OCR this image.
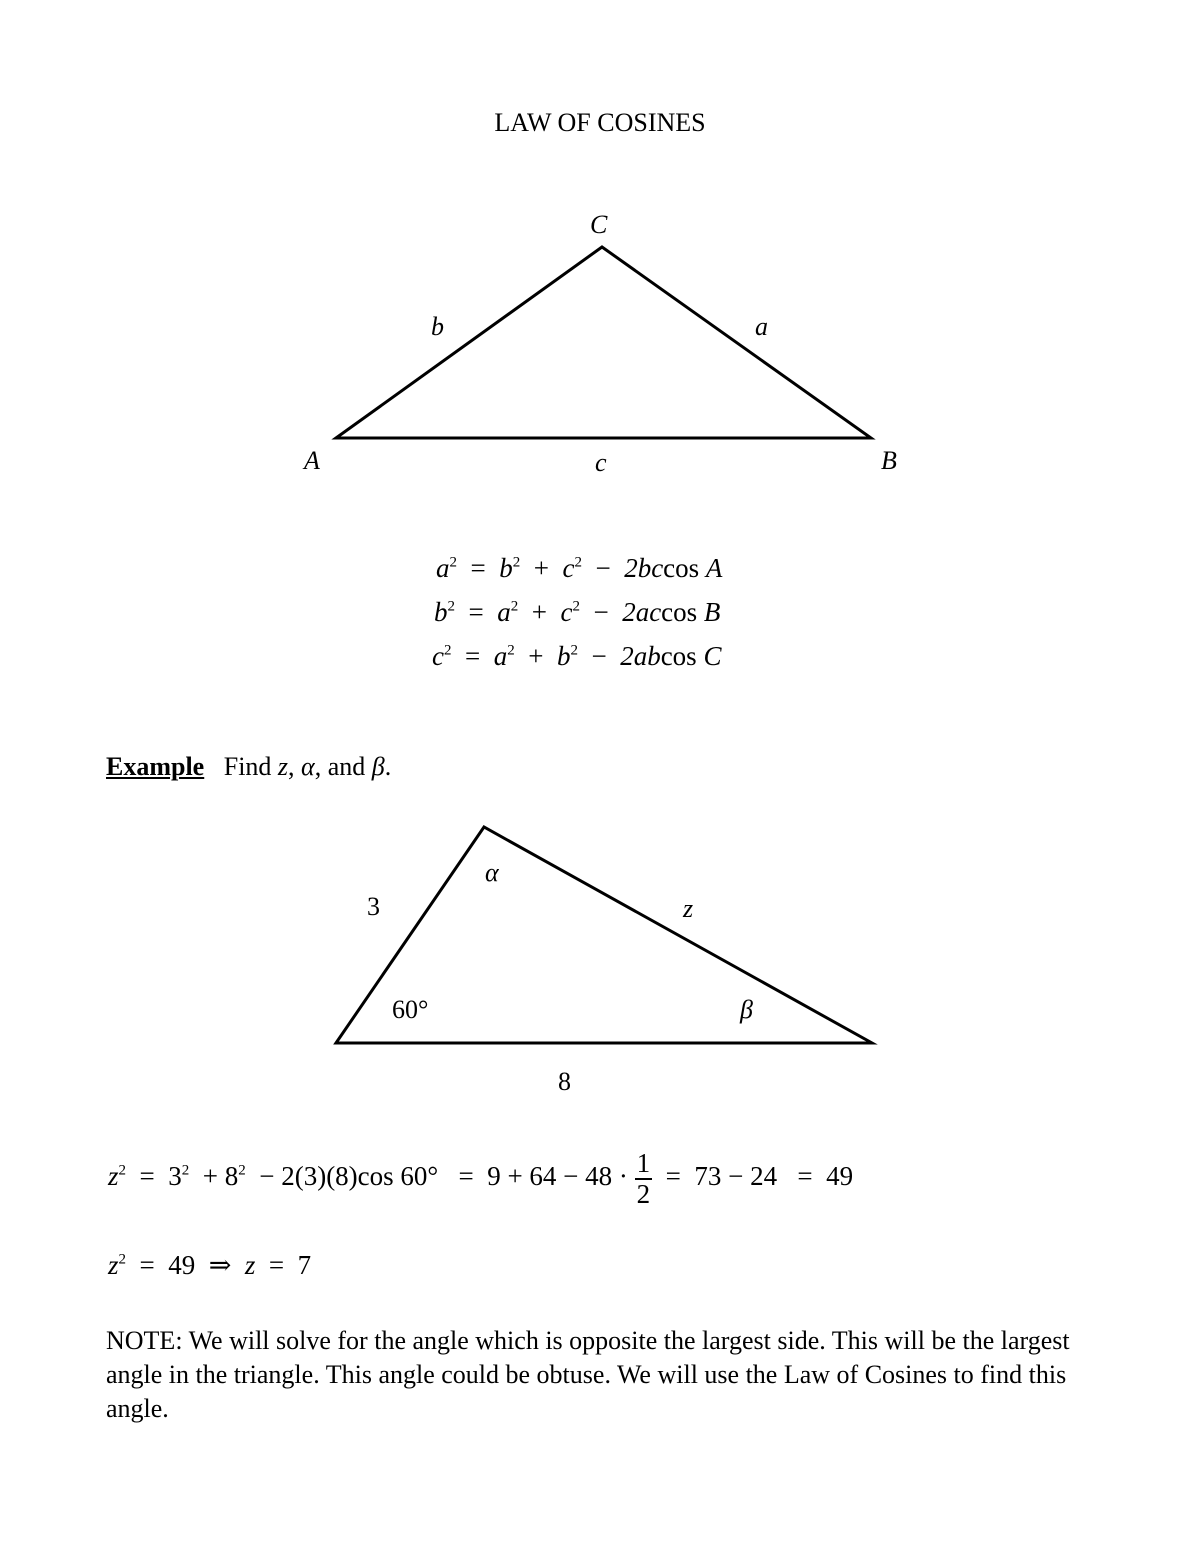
LAW OF COSINES
C
A	B
b	a
c
$a^2 = b^2 + c^2 - 2bccos$ A
$b^2 = a^2 + c^2 - 2accos$ B
$c^2 = a^2 + b^2 - 2abcos$ C
Example Find z, α, and β.
3
α
z
60°	β
8
$z^2 = 3^2 + 8^2 - 2(3)(8)\cos$ $60^\circ = 9 + 64 - 48 \cdot \frac{1}{2} = 73 - 24 = 49$
$z^2 = 49$ ⇒ z = 7
NOTE: We will solve for the angle which is opposite the largest side. This will be the largest angle in the triangle. This angle could be obtuse. We will use the Law of Cosines to find this angle.
